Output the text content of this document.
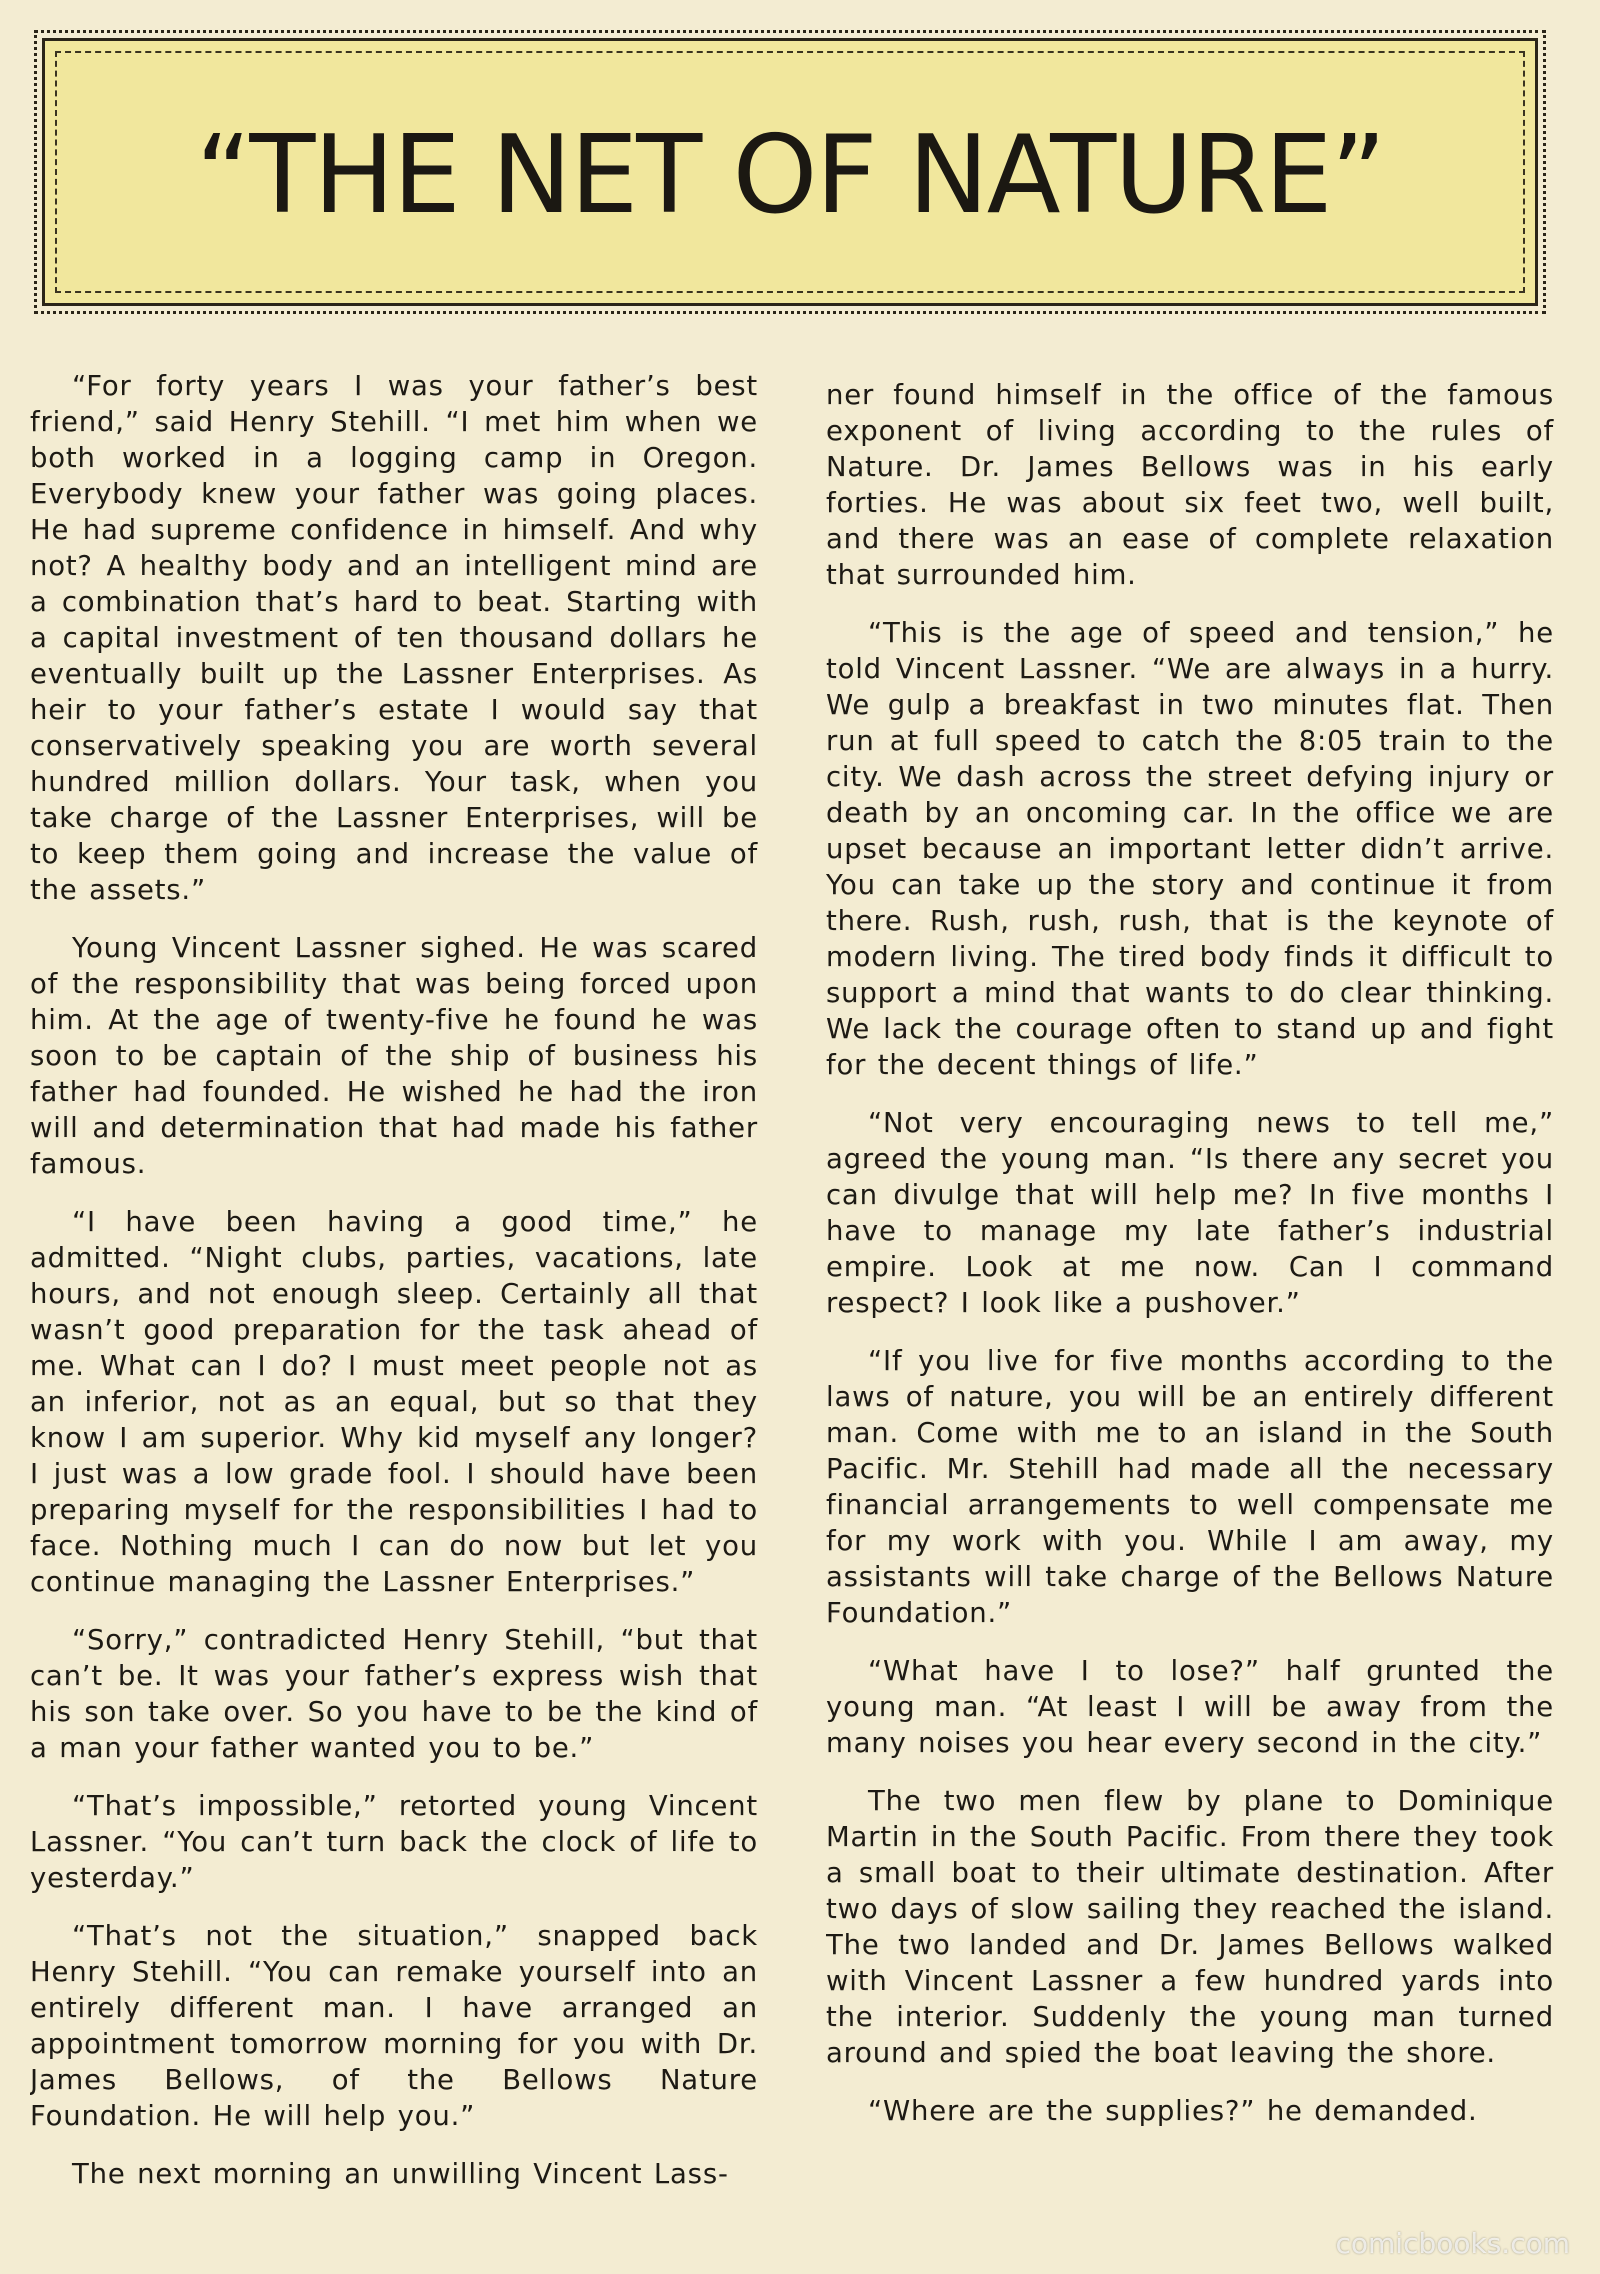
“THE NET OF NATURE”

“For forty years I was your father’s best friend,” said Henry Stehill. “I met him when we both worked in a logging camp in Oregon. Everybody knew your father was going places. He had supreme confidence in himself. And why not? A healthy body and an intelligent mind are a combination that’s hard to beat. Starting with a capital investment of ten thousand dollars he eventually built up the Lassner Enterprises. As heir to your father’s estate I would say that conservatively speaking you are worth several hundred million dollars. Your task, when you take charge of the Lassner Enterprises, will be to keep them going and increase the value of the assets.”

Young Vincent Lassner sighed. He was scared of the responsibility that was being forced upon him. At the age of twenty-five he found he was soon to be captain of the ship of business his father had founded. He wished he had the iron will and determination that had made his father famous.

“I have been having a good time,” he admitted. “Night clubs, parties, vacations, late hours, and not enough sleep. Certainly all that wasn’t good preparation for the task ahead of me. What can I do? I must meet people not as an inferior, not as an equal, but so that they know I am superior. Why kid myself any longer? I just was a low grade fool. I should have been preparing myself for the responsibilities I had to face. Nothing much I can do now but let you continue managing the Lassner Enterprises.”

“Sorry,” contradicted Henry Stehill, “but that can’t be. It was your father’s express wish that his son take over. So you have to be the kind of a man your father wanted you to be.”

“That’s impossible,” retorted young Vincent Lassner. “You can’t turn back the clock of life to yesterday.”

“That’s not the situation,” snapped back Henry Stehill. “You can remake yourself into an entirely different man. I have arranged an appointment tomorrow morning for you with Dr. James Bellows, of the Bellows Nature Foundation. He will help you.”

The next morning an unwilling Vincent Lass-

ner found himself in the office of the famous exponent of living according to the rules of Nature. Dr. James Bellows was in his early forties. He was about six feet two, well built, and there was an ease of complete relaxation that surrounded him.

“This is the age of speed and tension,” he told Vincent Lassner. “We are always in a hurry. We gulp a breakfast in two minutes flat. Then run at full speed to catch the 8:05 train to the city. We dash across the street defying injury or death by an oncoming car. In the office we are upset because an important letter didn’t arrive. You can take up the story and continue it from there. Rush, rush, rush, that is the keynote of modern living. The tired body finds it difficult to support a mind that wants to do clear thinking. We lack the courage often to stand up and fight for the decent things of life.”

“Not very encouraging news to tell me,” agreed the young man. “Is there any secret you can divulge that will help me? In five months I have to manage my late father’s industrial empire. Look at me now. Can I command respect? I look like a pushover.”

“If you live for five months according to the laws of nature, you will be an entirely different man. Come with me to an island in the South Pacific. Mr. Stehill had made all the necessary financial arrangements to well compensate me for my work with you. While I am away, my assistants will take charge of the Bellows Nature Foundation.”

“What have I to lose?” half grunted the young man. “At least I will be away from the many noises you hear every second in the city.”

The two men flew by plane to Dominique Martin in the South Pacific. From there they took a small boat to their ultimate destination. After two days of slow sailing they reached the island. The two landed and Dr. James Bellows walked with Vincent Lassner a few hundred yards into the interior. Suddenly the young man turned around and spied the boat leaving the shore.

“Where are the supplies?” he demanded.

comicbooks.com
